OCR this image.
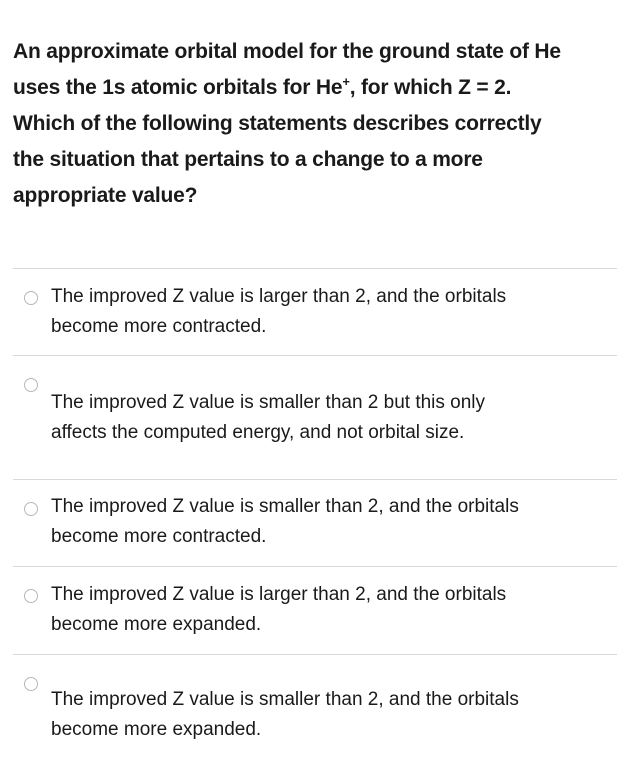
An approximate orbital model for the ground state of He
uses the 1s atomic orbitals for He+, for which Z = 2.
Which of the following statements describes correctly
the situation that pertains to a change to a more
appropriate value?
The improved Z value is larger than 2, and the orbitals
become more contracted.
The improved Z value is smaller than 2 but this only
affects the computed energy, and not orbital size.
The improved Z value is smaller than 2, and the orbitals
become more contracted.
The improved Z value is larger than 2, and the orbitals
become more expanded.
The improved Z value is smaller than 2, and the orbitals
become more expanded.
